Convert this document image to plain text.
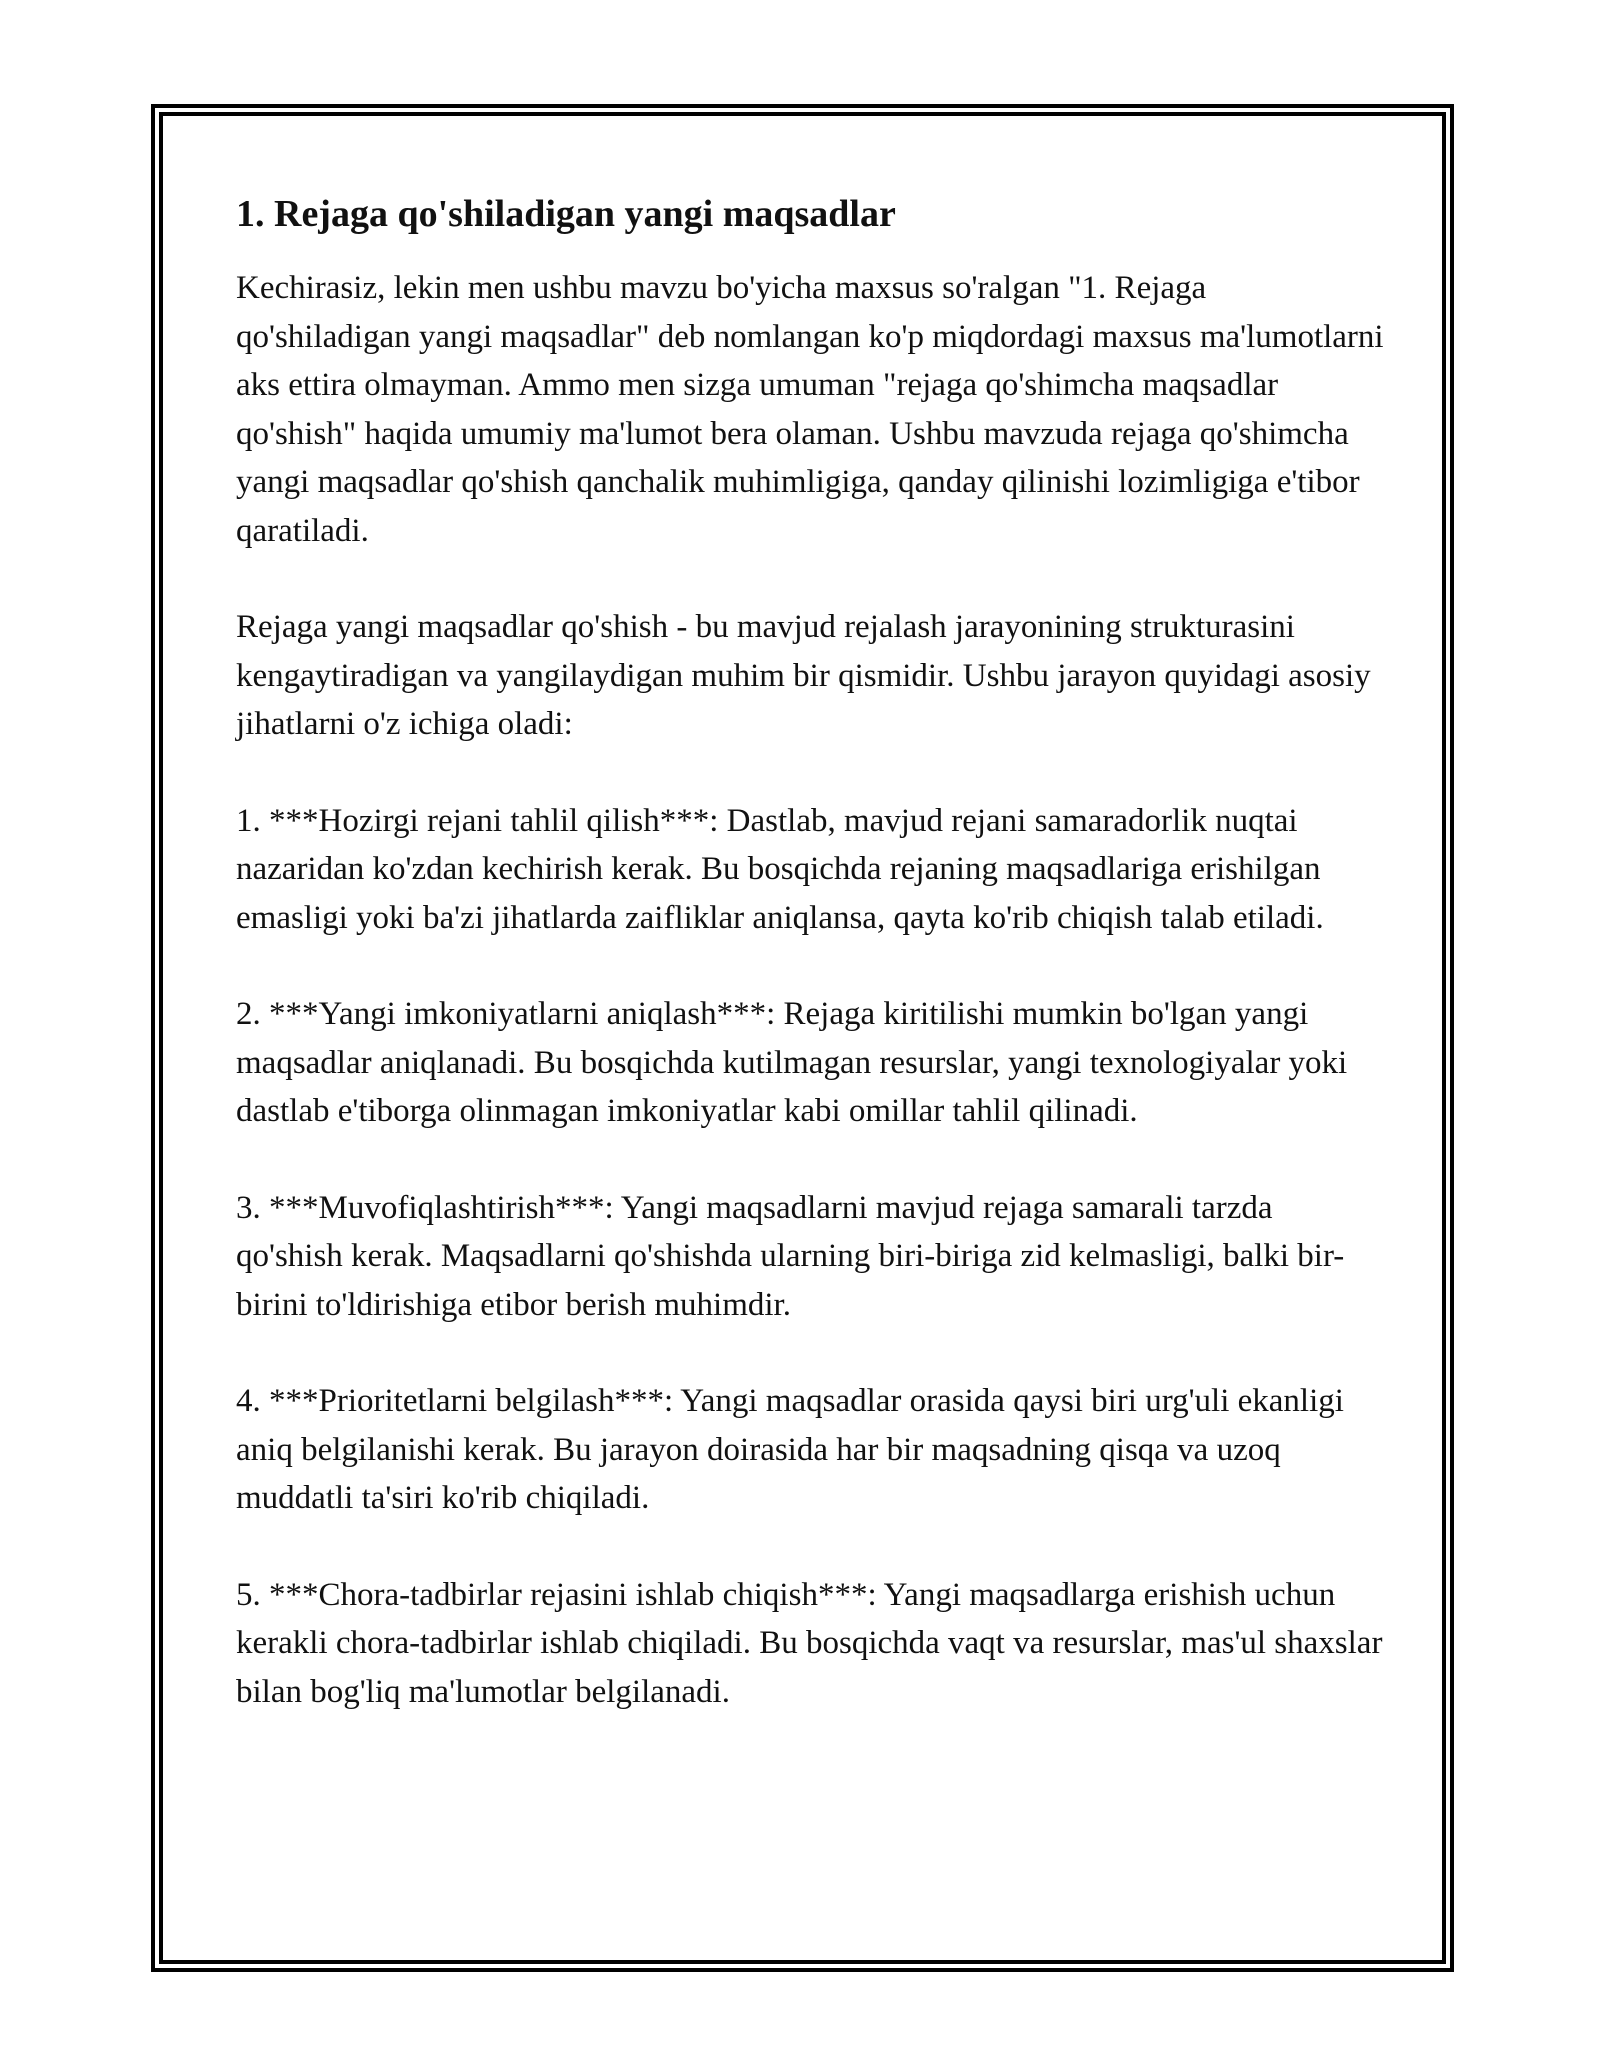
1. Rejaga qo'shiladigan yangi maqsadlar

Kechirasiz, lekin men ushbu mavzu bo'yicha maxsus so'ralgan "1. Rejaga qo'shiladigan yangi maqsadlar" deb nomlangan ko'p miqdordagi maxsus ma'lumotlarni aks ettira olmayman. Ammo men sizga umuman "rejaga qo'shimcha maqsadlar qo'shish" haqida umumiy ma'lumot bera olaman. Ushbu mavzuda rejaga qo'shimcha yangi maqsadlar qo'shish qanchalik muhimligiga, qanday qilinishi lozimligiga e'tibor qaratiladi.

Rejaga yangi maqsadlar qo'shish - bu mavjud rejalash jarayonining strukturasini kengaytiradigan va yangilaydigan muhim bir qismidir. Ushbu jarayon quyidagi asosiy jihatlarni o'z ichiga oladi:

1. ***Hozirgi rejani tahlil qilish***: Dastlab, mavjud rejani samaradorlik nuqtai nazaridan ko'zdan kechirish kerak. Bu bosqichda rejaning maqsadlariga erishilgan emasligi yoki ba'zi jihatlarda zaifliklar aniqlansa, qayta ko'rib chiqish talab etiladi.

2. ***Yangi imkoniyatlarni aniqlash***: Rejaga kiritilishi mumkin bo'lgan yangi maqsadlar aniqlanadi. Bu bosqichda kutilmagan resurslar, yangi texnologiyalar yoki dastlab e'tiborga olinmagan imkoniyatlar kabi omillar tahlil qilinadi.

3. ***Muvofiqlashtirish***: Yangi maqsadlarni mavjud rejaga samarali tarzda qo'shish kerak. Maqsadlarni qo'shishda ularning biri-biriga zid kelmasligi, balki bir-birini to'ldirishiga etibor berish muhimdir.

4. ***Prioritetlarni belgilash***: Yangi maqsadlar orasida qaysi biri urg'uli ekanligi aniq belgilanishi kerak. Bu jarayon doirasida har bir maqsadning qisqa va uzoq muddatli ta'siri ko'rib chiqiladi.

5. ***Chora-tadbirlar rejasini ishlab chiqish***: Yangi maqsadlarga erishish uchun kerakli chora-tadbirlar ishlab chiqiladi. Bu bosqichda vaqt va resurslar, mas'ul shaxslar bilan bog'liq ma'lumotlar belgilanadi.
